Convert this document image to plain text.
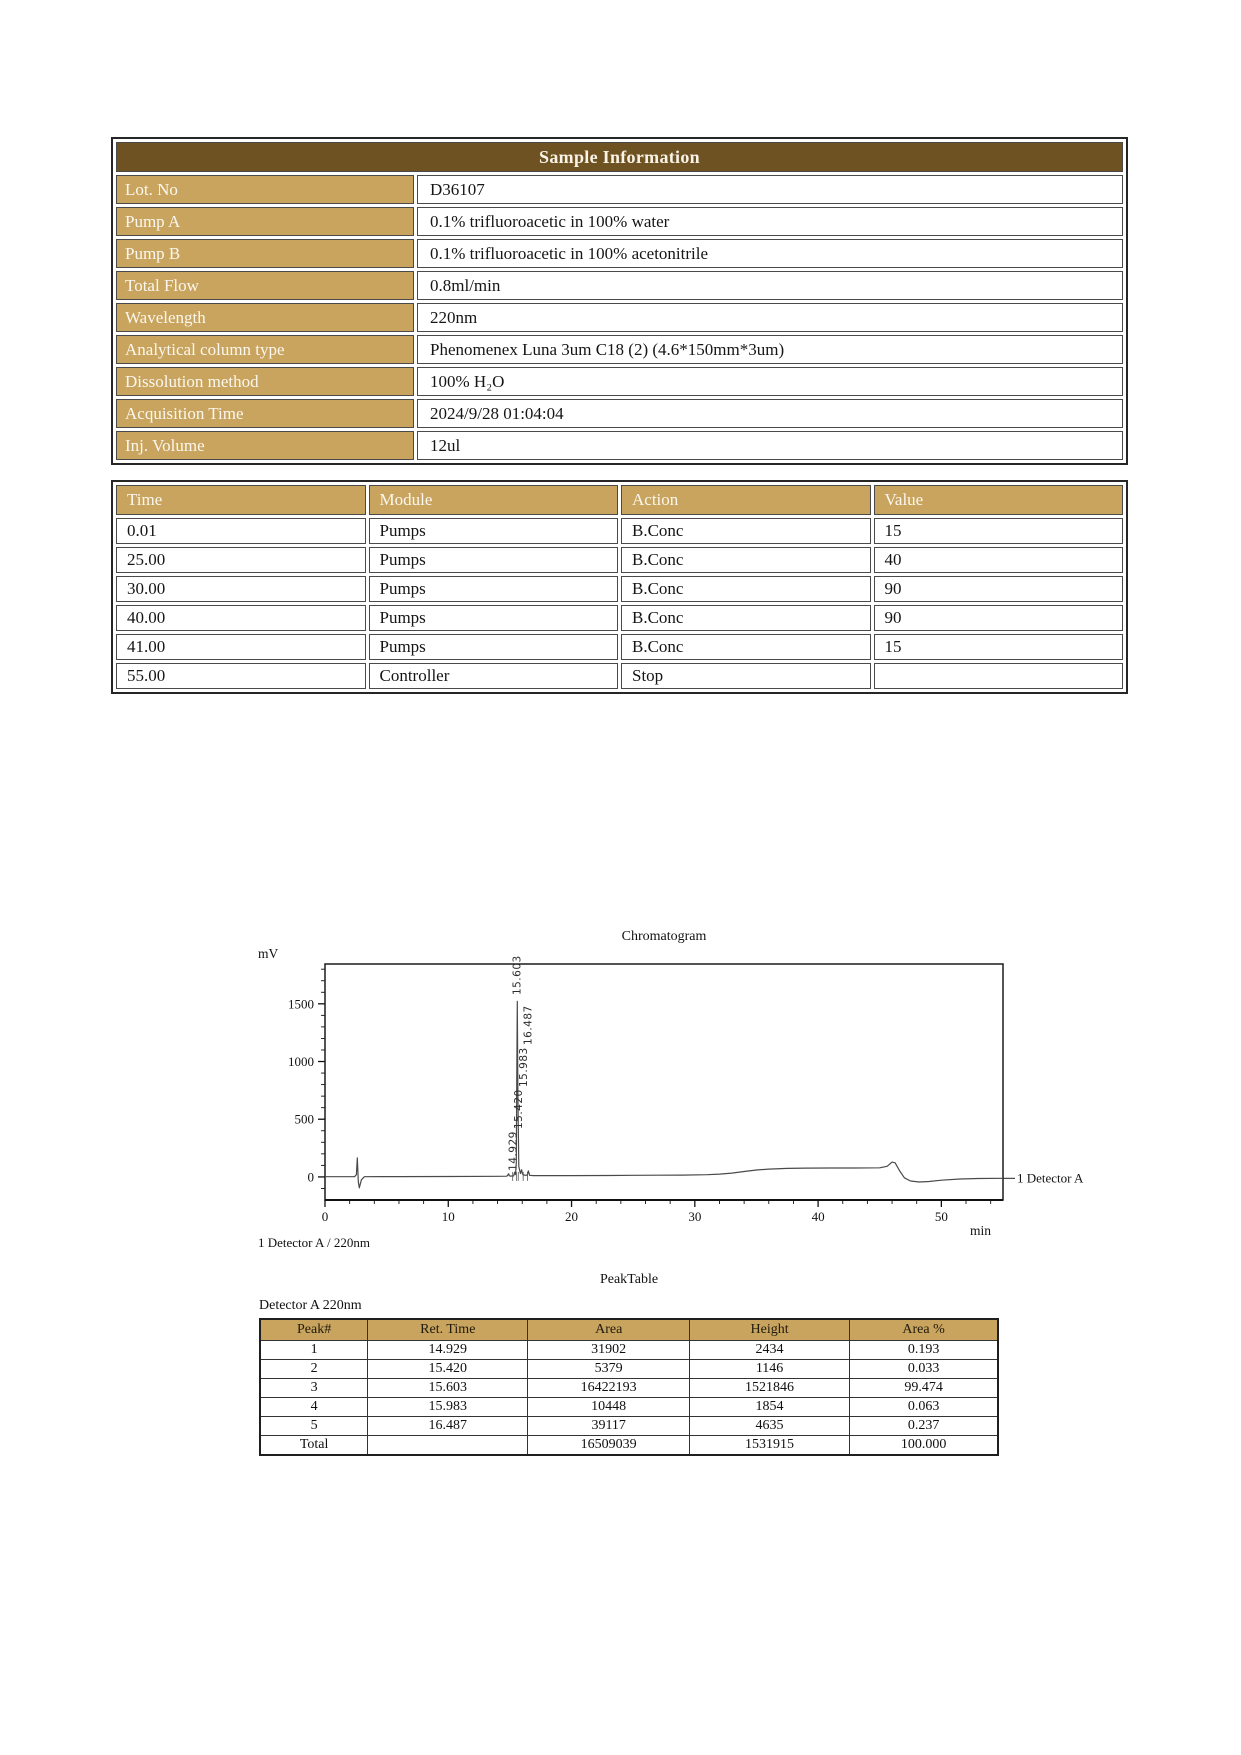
Sample Information	
Lot. No	D36107
Pump A	0.1% trifluoroacetic in 100% water
Pump B	0.1% trifluoroacetic in 100% acetonitrile
Total Flow	0.8ml/min
Wavelength	220nm
Analytical column type	Phenomenex Luna 3um C18 (2) (4.6*150mm*3um)
Dissolution method	100% H₂O
Acquisition Time	2024/9/28 01:04:04
Inj. Volume	12ul
Time	Module	Action	Value
0.01	Pumps	B.Conc	15
25.00	Pumps	B.Conc	40
30.00	Pumps	B.Conc	90
40.00	Pumps	B.Conc	90
41.00	Pumps	B.Conc	15
55.00	Controller	Stop	
0
500
1000
1500
0	10	20	30	40	50
Chromatogram
mV
min
1 Detector A / 220nm
1 Detector A
14.929
15.420
15.983
16.487
15.603
PeakTable
Detector A 220nm
Peak#	Ret. Time	Area	Height	Area %
1	14.929	31902	2434	0.193
2	15.420	5379	1146	0.033
3	15.603	16422193	1521846	99.474
4	15.983	10448	1854	0.063
5	16.487	39117	4635	0.237
Total		16509039	1531915	100.000
